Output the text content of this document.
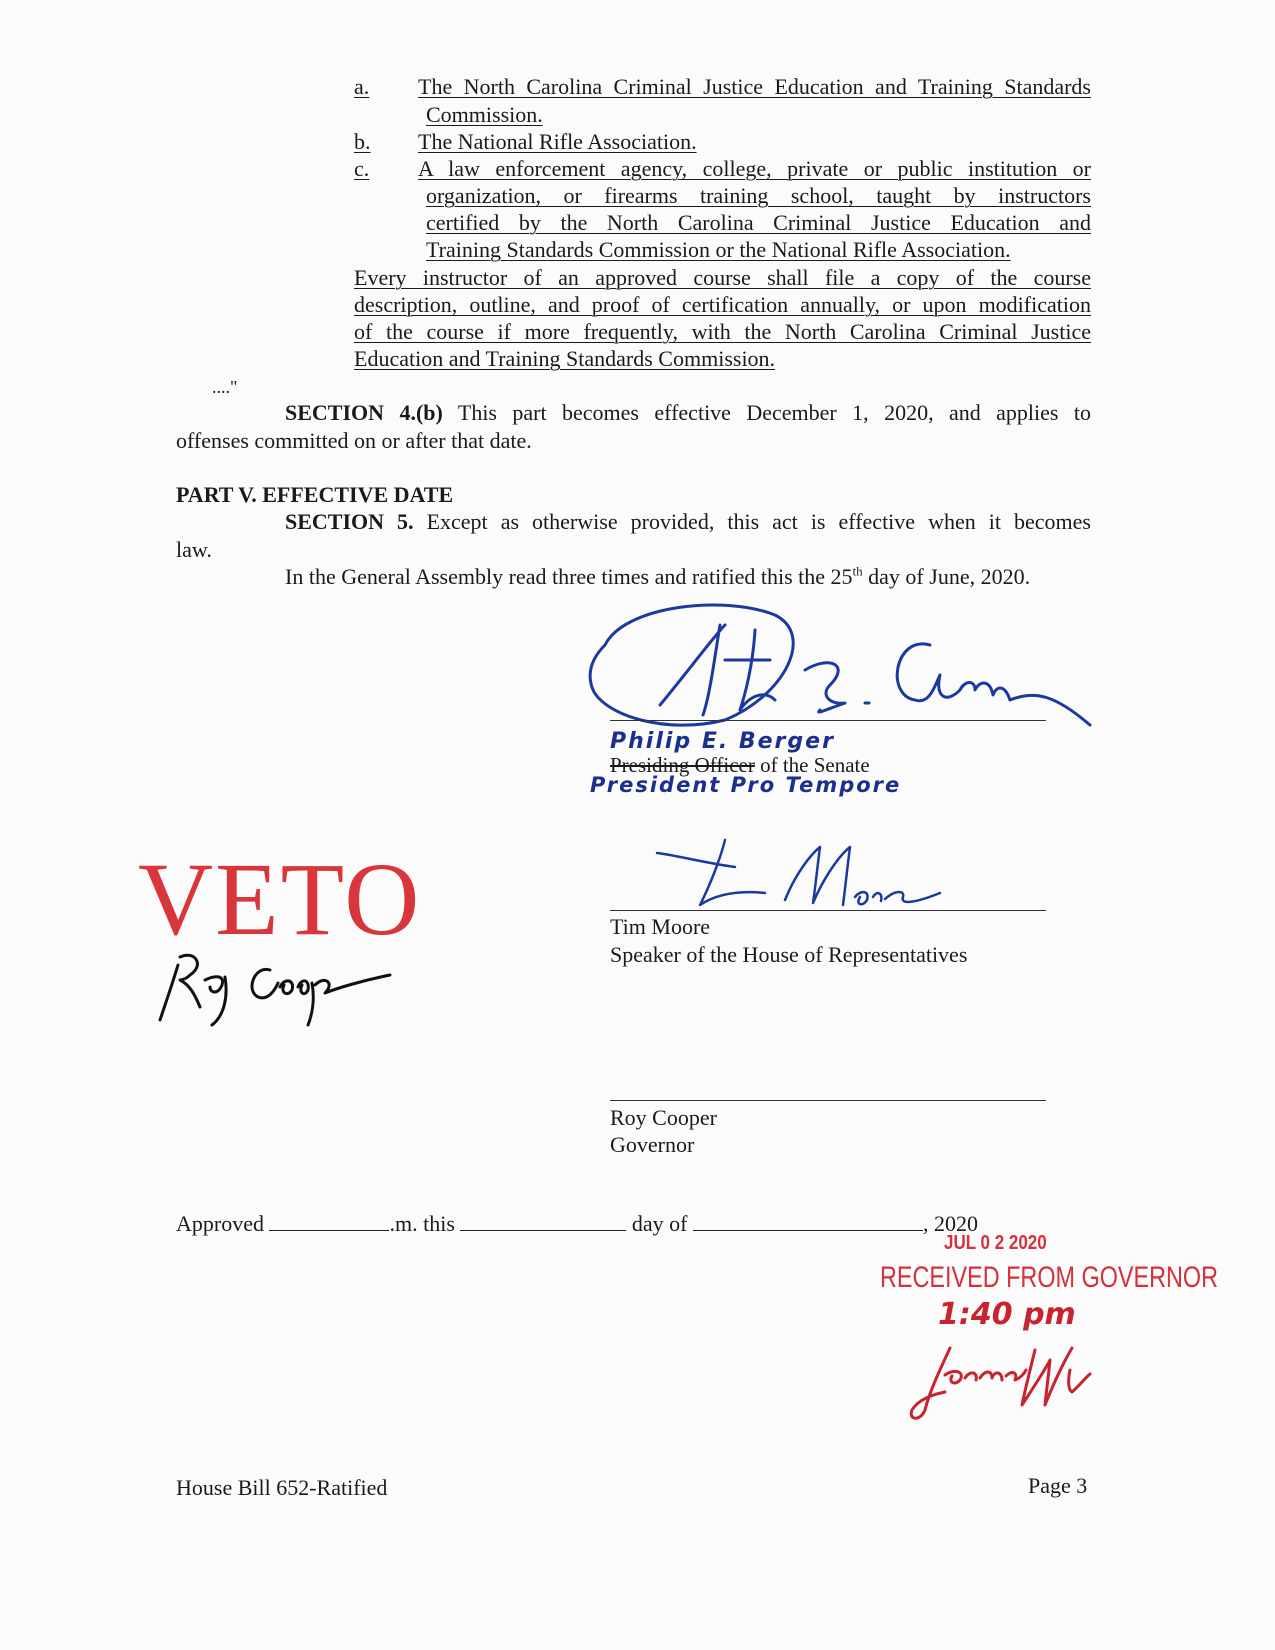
a. The North Carolina Criminal Justice Education and Training Standards
Commission.
b. The National Rifle Association.
c. A law enforcement agency, college, private or public institution or
organization, or firearms training school, taught by instructors
certified by the North Carolina Criminal Justice Education and
Training Standards Commission or the National Rifle Association.
Every instructor of an approved course shall file a copy of the course
description, outline, and proof of certification annually, or upon modification
of the course if more frequently, with the North Carolina Criminal Justice
Education and Training Standards Commission.
...."
SECTION 4.(b) This part becomes effective December 1, 2020, and applies to
offenses committed on or after that date.
PART V. EFFECTIVE DATE
SECTION 5. Except as otherwise provided, this act is effective when it becomes
law.
In the General Assembly read three times and ratified this the 25th day of June, 2020.
Philip E. Berger
Presiding Officer of the Senate
President Pro Tempore
Tim Moore
Speaker of the House of Representatives
VETO
Roy Cooper
Governor
Approved	.m. this	day of	, 2020
JUL 0 2 2020
RECEIVED FROM GOVERNOR
1:40 pm
House Bill 652-Ratified	Page 3
